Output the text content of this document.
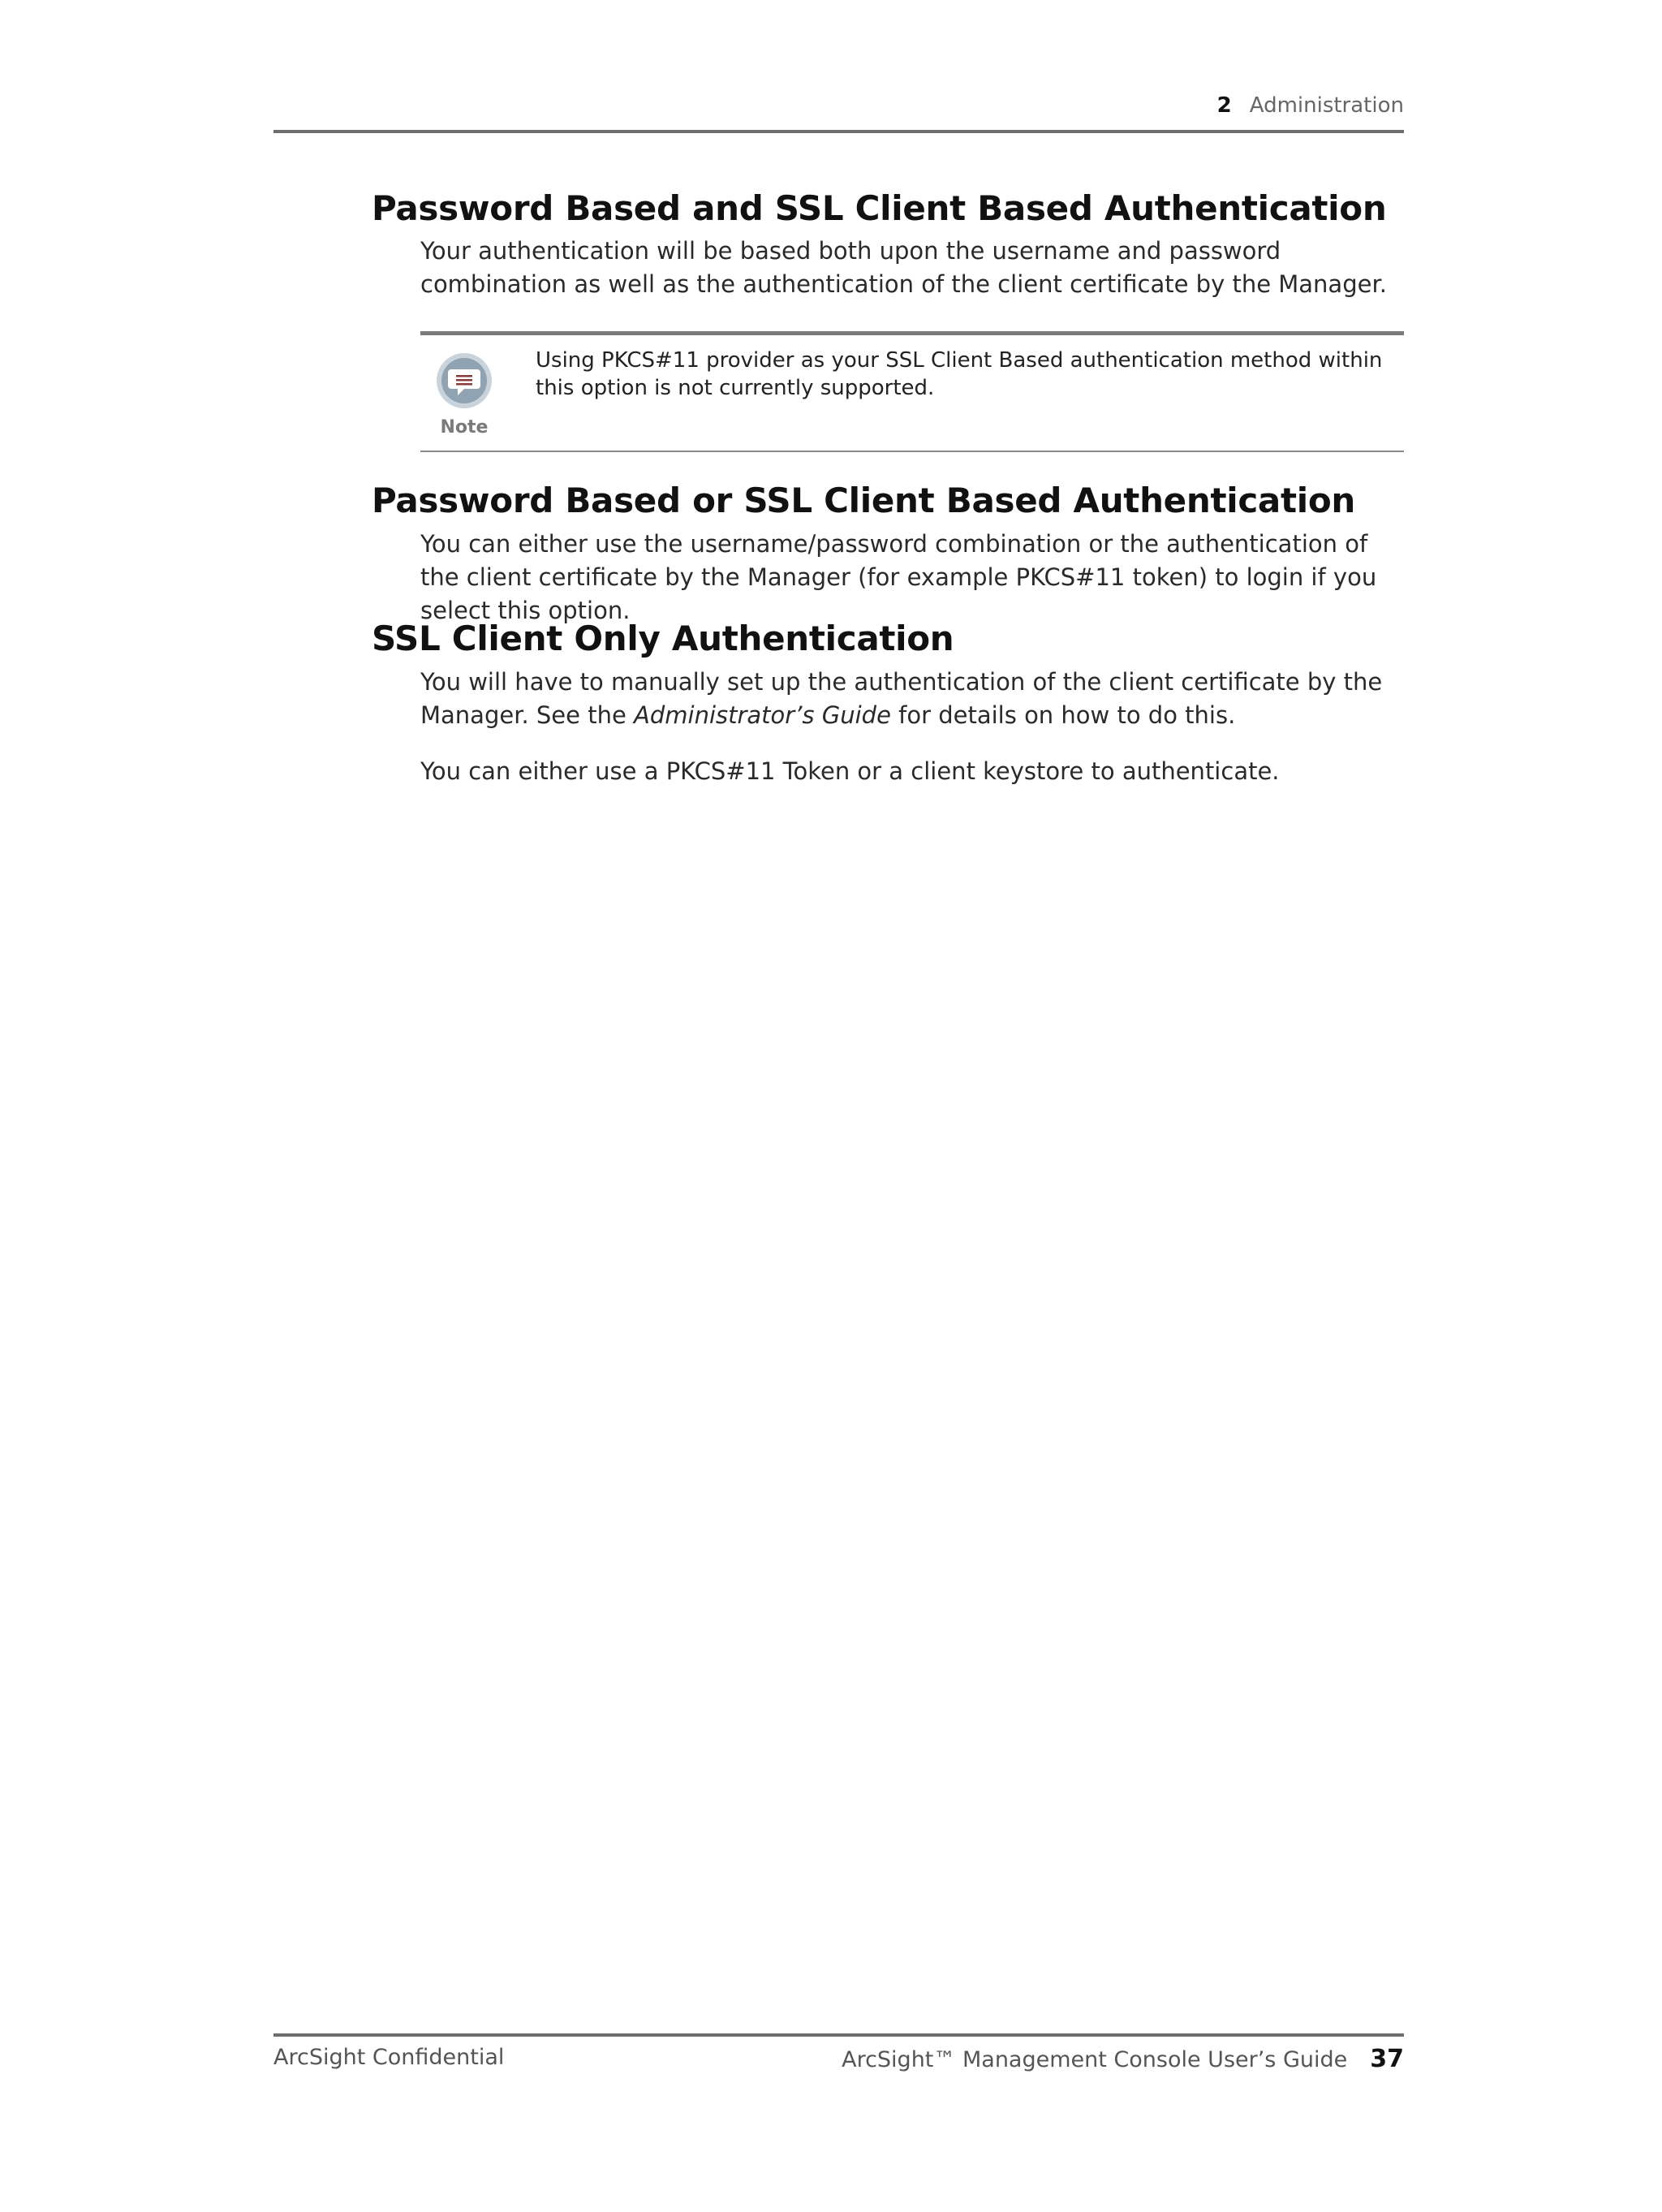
2 Administration
Password Based and SSL Client Based Authentication

Your authentication will be based both upon the username and password combination as well as the authentication of the client certificate by the Manager.

Note
Using PKCS#11 provider as your SSL Client Based authentication method within this option is not currently supported.
Password Based or SSL Client Based Authentication

You can either use the username/password combination or the authentication of the client certificate by the Manager (for example PKCS#11 token) to login if you select this option.

SSL Client Only Authentication

You will have to manually set up the authentication of the client certificate by the Manager. See the Administrator’s Guide for details on how to do this.

You can either use a PKCS#11 Token or a client keystore to authenticate.

ArcSight Confidential	ArcSight™ Management Console User’s Guide 37
